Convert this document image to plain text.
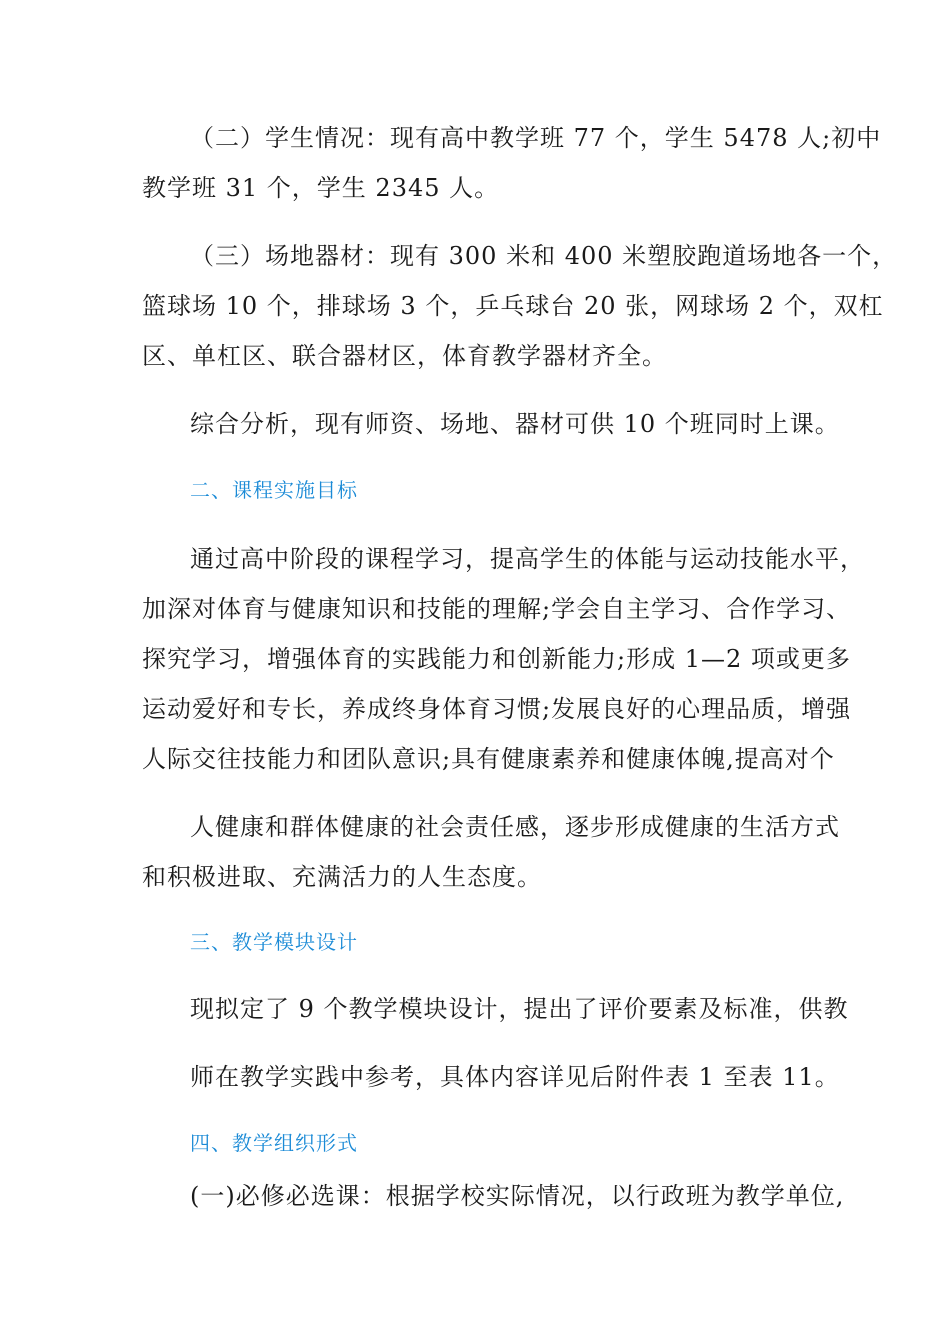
（二）学生情况：现有高中教学班 77 个，学生 5478 人;初中
教学班 31 个，学生 2345 人。
（三）场地器材：现有 300 米和 400 米塑胶跑道场地各一个，
篮球场 10 个，排球场 3 个，乒乓球台 20 张，网球场 2 个，双杠
区、单杠区、联合器材区，体育教学器材齐全。
综合分析，现有师资、场地、器材可供 10 个班同时上课。
二、课程实施目标
通过高中阶段的课程学习，提高学生的体能与运动技能水平，
加深对体育与健康知识和技能的理解;学会自主学习、合作学习、
探究学习，增强体育的实践能力和创新能力;形成 1—2 项或更多
运动爱好和专长，养成终身体育习惯;发展良好的心理品质，增强
人际交往技能力和团队意识;具有健康素养和健康体魄,提高对个
人健康和群体健康的社会责任感，逐步形成健康的生活方式
和积极进取、充满活力的人生态度。
三、教学模块设计
现拟定了 9 个教学模块设计，提出了评价要素及标准，供教
师在教学实践中参考，具体内容详见后附件表 1 至表 11。
四、教学组织形式
(一)必修必选课：根据学校实际情况，以行政班为教学单位,
